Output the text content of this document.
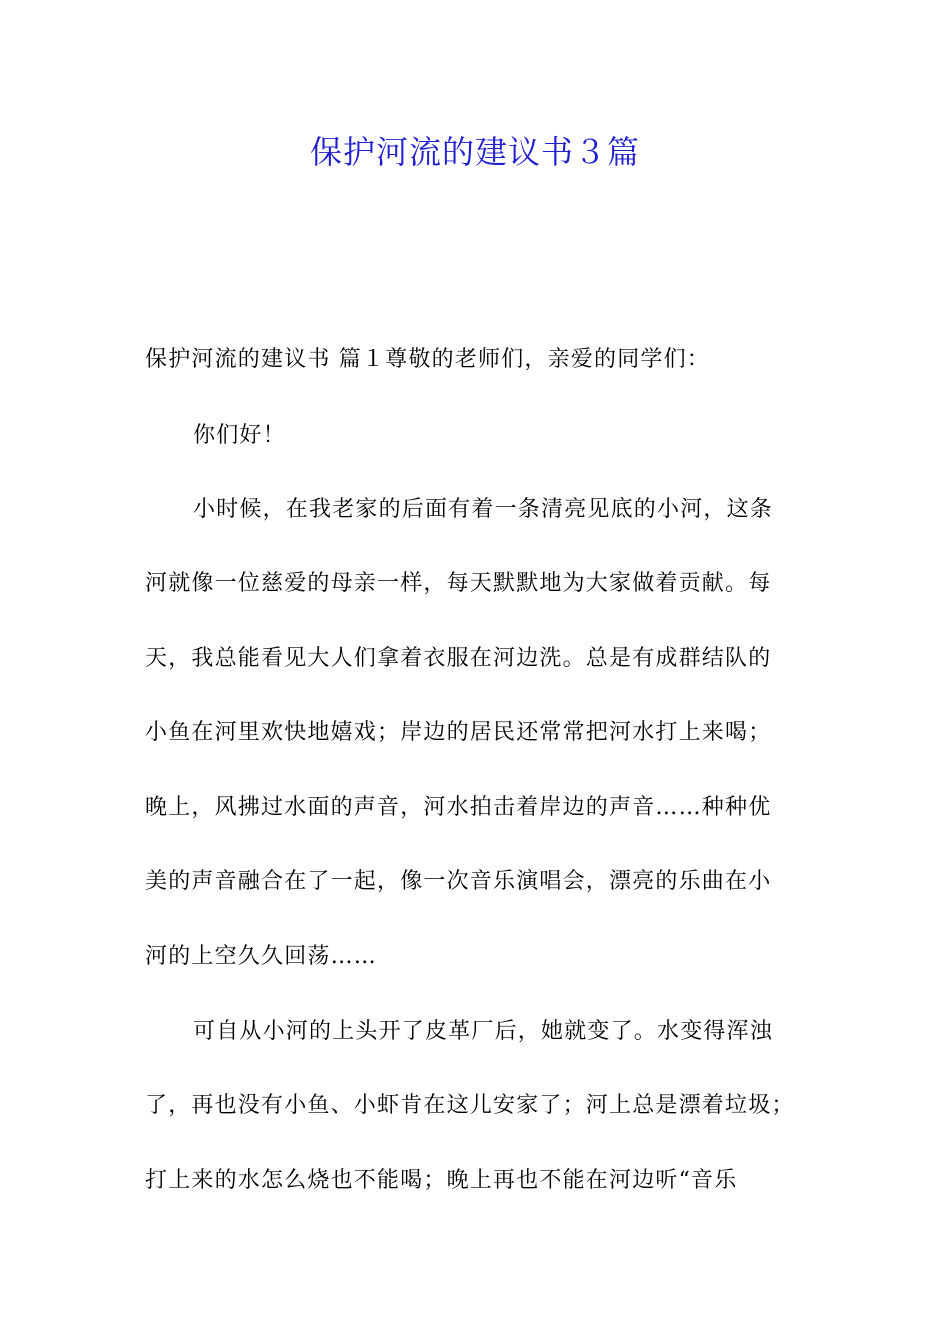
保护河流的建议书３篇
保护河流的建议书 篇１尊敬的老师们，亲爱的同学们：
你们好！
小时候，在我老家的后面有着一条清亮见底的小河，这条
河就像一位慈爱的母亲一样，每天默默地为大家做着贡献。每
天，我总能看见大人们拿着衣服在河边洗。总是有成群结队的
小鱼在河里欢快地嬉戏；岸边的居民还常常把河水打上来喝；
晚上，风拂过水面的声音，河水拍击着岸边的声音……种种优
美的声音融合在了一起，像一次音乐演唱会，漂亮的乐曲在小
河的上空久久回荡……
可自从小河的上头开了皮革厂后，她就变了。水变得浑浊
了，再也没有小鱼、小虾肯在这儿安家了；河上总是漂着垃圾；
打上来的水怎么烧也不能喝；晚上再也不能在河边听“音乐
